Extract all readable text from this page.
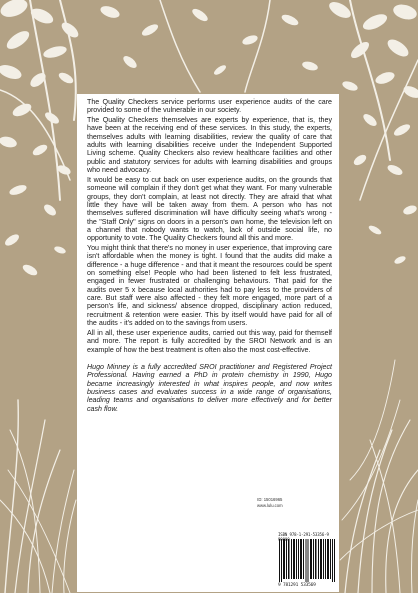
The Quality Checkers service performs user experience audits of the care provided to some of the vulnerable in our society.

The Quality Checkers themselves are experts by experience, that is, they have been at the receiving end of these services. In this study, the experts, themselves adults with learning disabilities, review the quality of care that adults with learning disabilities receive under the Independent Supported Living scheme. Quality Checkers also review healthcare facilities and other public and statutory services for adults with learning disabilities and groups who need advocacy.

It would be easy to cut back on user experience audits, on the grounds that someone will complain if they don't get what they want. For many vulnerable groups, they don't complain, at least not directly. They are afraid that what little they have will be taken away from them. A person who has not themselves suffered discrimination will have difficulty seeing what's wrong - the "Staff Only" signs on doors in a person's own home, the television left on a channel that nobody wants to watch, lack of outside social life, no opportunity to vote. The Quality Checkers found all this and more.

You might think that there's no money in user experience, that improving care isn't affordable when the money is tight. I found that the audits did make a difference - a huge difference - and that it meant the resources could be spent on something else! People who had been listened to felt less frustrated, engaged in fewer frustrated or challenging behaviours. That paid for the audits over 5 x because local authorities had to pay less to the providers of care. But staff were also affected - they felt more engaged, more part of a person's life, and sickness/ absence dropped, disciplinary action reduced, recruitment & retention were easier. This by itself would have paid for all of the audits - it's added on to the savings from users.

All in all, these user experience audits, carried out this way, paid for themself and more. The report is fully accredited by the SROI Network and is an example of how the best treatment is often also the most cost-effective.

Hugo Minney is a fully accredited SROI practitioner and Registered Project Professional. Having earned a PhD in protein chemistry in 1990, Hugo became increasingly interested in what inspires people, and now writes business cases and evaluates success in a wide range of organisations, leading teams and organisations to deliver more effectively and for better cash flow.

ID: 15016965
www.lulu.com
ISBN 978-1-291-53356-9
9 781291 533569
